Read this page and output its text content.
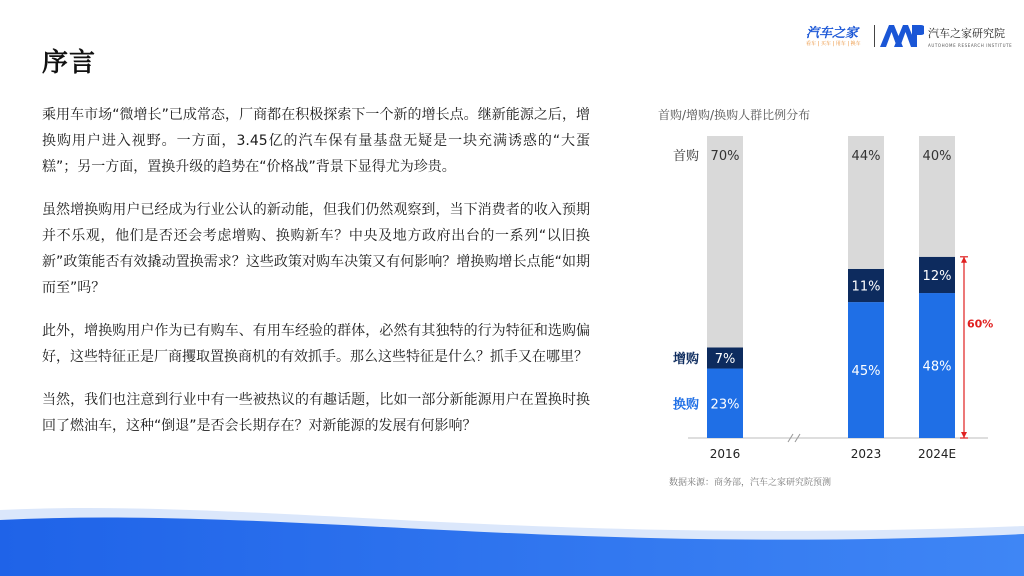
序言
汽车之家
看车 | 买车 | 用车 | 换车
汽车之家研究院
AUTOHOME RESEARCH INSTITUTE

乘用车市场“微增长”已成常态，厂商都在积极探索下一个新的增长点。继新能源之后，增换购用户进入视野。一方面，3.45亿的汽车保有量基盘无疑是一块充满诱惑的“大蛋糕”；另一方面，置换升级的趋势在“价格战”背景下显得尤为珍贵。

虽然增换购用户已经成为行业公认的新动能，但我们仍然观察到，当下消费者的收入预期并不乐观，他们是否还会考虑增购、换购新车？中央及地方政府出台的一系列“以旧换新”政策能否有效撬动置换需求？这些政策对购车决策又有何影响？增换购增长点能“如期而至”吗？

此外，增换购用户作为已有购车、有用车经验的群体，必然有其独特的行为特征和选购偏好，这些特征正是厂商攫取置换商机的有效抓手。那么这些特征是什么？抓手又在哪里？

当然，我们也注意到行业中有一些被热议的有趣话题，比如一部分新能源用户在置换时换回了燃油车，这种“倒退”是否会长期存在？对新能源的发展有何影响？

首购/增购/换购人群比例分布
23%
7%
70%
2016
45%
11%
44%
2023
48%
12%
40%
2024E
换购
增购
首购
60%
数据来源：商务部，汽车之家研究院预测
